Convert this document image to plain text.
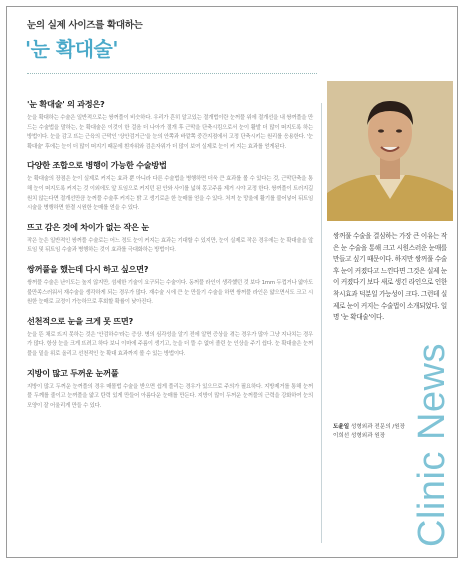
눈의 실제 사이즈를 확대하는
'눈 확대술'
'눈 확대술' 의 과정은?

눈을 확대하는 수술은 일반적으로는 쌍꺼풀이 비슷하다. 우리가 흔히 알고있는 절개법이란 눈꺼풀 위에 절개선을 내 쌍꺼풀을 만드는 수술법을 말하는, 눈 확대술은 이것이 한 걸음 더 나아가 절개 후 근막을 단축시킴으로서 눈이 활발 더 많이 떠지도록 하는 방법이다. 눈을 감고 뜨는 근육의 근막인 '상안검거근'을 눈의 안쪽과 바깥쪽 중간지점에서 고정 단축시키는 원리를 응용한다. '눈 확대술' 후에는 눈이 더 많이 떠지기 때문에 흰자위와 검은자위가 더 많이 보여 실제로 눈이 커 지는 효과를 얻게된다.

다양한 조합으로 병행이 가능한 수술방법

눈 확대술의 장점은 눈이 실제로 커지는 효과 뿐 아니라 다른 수술법을 병행하면 더욱 큰 효과를 볼 수 있다는 것, 근막단축을 통해 눈이 떠지도록 커지는 것 이외에도 앞 트임으로 커지던 된 안와 사이를 넓혀 몽고주름 제거 시야 교정 한다. 쌍꺼풀이 트러지길 원치 않는다면 절개선만큼 눈꺼풀 수술후 커지는 밝 고 생기로운 한 눈매를 얻을 수 있다. 처져 눈 망울에 활기를 불어넣어 뒤트임 시술을 병행하면 한결 시원한 눈매를 얻을 수 있다.

뜨고 감은 것에 차이가 없는 작은 눈

작은 눈은 일반적인 쌍꺼풀 수술로는 어느 정도 눈이 커지는 효과는 기대할 수 있지만, 눈이 실제로 작은 경우에는 눈 확대술을 앞트임 및 뒤트임 수술과 병행하는 것이 효과를 극대화하는 방법이다.

쌍꺼풀을 했는데 다시 하고 싶으면?

쌍꺼풀 수술은 난이도는 높지 않지만, 섬세한 기술이 요구되는 수술이다. 동꺼풀 라인이 생각했던 것 보다 1mm 두껍거나 얇아도 불만족스러워서 재수술을 생각하게 되는 경우가 많다. 재수술 시에 큰 눈 만들기 수술을 하면 쌍꺼풀 라인은 얇으면서도 크고 시원한 눈매로 교정이 가능하므로 후회할 확률이 낮아진다.

선천적으로 눈을 크게 못 뜨면?

눈을 뜬 채로 뜨지 못하는 것은 '안검하수'라는 증상. 병의 심각성을 알기 전에 알면 증상을 겪는 경우가 많아 그냥 지나치는 경우가 많다. 항상 눈을 크게 뜨려고 하다 보니 이마에 주름이 생기고, 눈을 더 뜰 수 없어 졸린 눈 인상을 주기 쉽다. 눈 확대술은 눈꺼풀을 밑을 위로 올리고 선천적인 눈 확대 효과까지 볼 수 있는 방법이다.

지방이 많고 두꺼운 눈꺼풀

지방이 많고 두꺼운 눈꺼풀의 경우 매몰법 수술을 받으면 쉽게 풀리는 경우가 있으므로 주의가 필요하다. 지방제거를 통해 눈꺼풀 두께를 줄이고 눈꺼풀을 얇고 탄력 있게 만들어 아름다운 눈매를 만든다. 지방이 많이 두꺼운 눈꺼풀의 근력을 강화하여 눈의 모양이 잘 어울리게 만들 수 있다.

쌍꺼풀 수술을 결심하는 가장 큰 이유는 작은 눈 수술을 통해 크고 시원스러운 눈매를 만들고 싶기 때문이다. 하지만 쌍꺼풀 수술 후 눈이 커졌다고 느낀다면 그것은 실제 눈이 커졌다기 보다 새로 생긴 라인으로 인한 착시효과 덕분일 가능성이 크다. 그런데 실제로 눈이 커지는 수술법이 소개되었다. 일명 '눈 확대술'이다.
도윤일 성형외과 전문의 /원장
이희선 성형외과 원장 Clinic News
